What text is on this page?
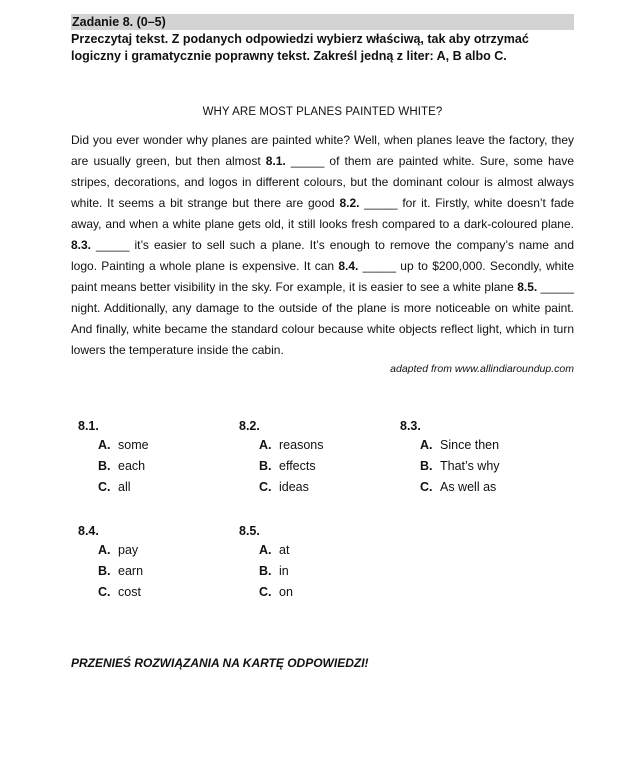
Zadanie 8. (0–5)
Przeczytaj tekst. Z podanych odpowiedzi wybierz właściwą, tak aby otrzymać logiczny i gramatycznie poprawny tekst. Zakreśl jedną z liter: A, B albo C.
WHY ARE MOST PLANES PAINTED WHITE?
Did you ever wonder why planes are painted white? Well, when planes leave the factory, they are usually green, but then almost 8.1. _____ of them are painted white. Sure, some have stripes, decorations, and logos in different colours, but the dominant colour is almost always white. It seems a bit strange but there are good 8.2. _____ for it. Firstly, white doesn’t fade away, and when a white plane gets old, it still looks fresh compared to a dark-coloured plane. 8.3. _____ it’s easier to sell such a plane. It’s enough to remove the company’s name and logo. Painting a whole plane is expensive. It can 8.4. _____ up to $200,000. Secondly, white paint means better visibility in the sky. For example, it is easier to see a white plane 8.5. _____ night. Additionally, any damage to the outside of the plane is more noticeable on white paint. And finally, white became the standard colour because white objects reflect light, which in turn lowers the temperature inside the cabin.
adapted from www.allindiaroundup.com
8.1.
A. some
B. each
C. all
8.2.
A. reasons
B. effects
C. ideas
8.3.
A. Since then
B. That’s why
C. As well as
8.4.
A. pay
B. earn
C. cost
8.5.
A. at
B. in
C. on
PRZENIEŚ ROZWIĄZANIA NA KARTĘ ODPOWIEDZI!
